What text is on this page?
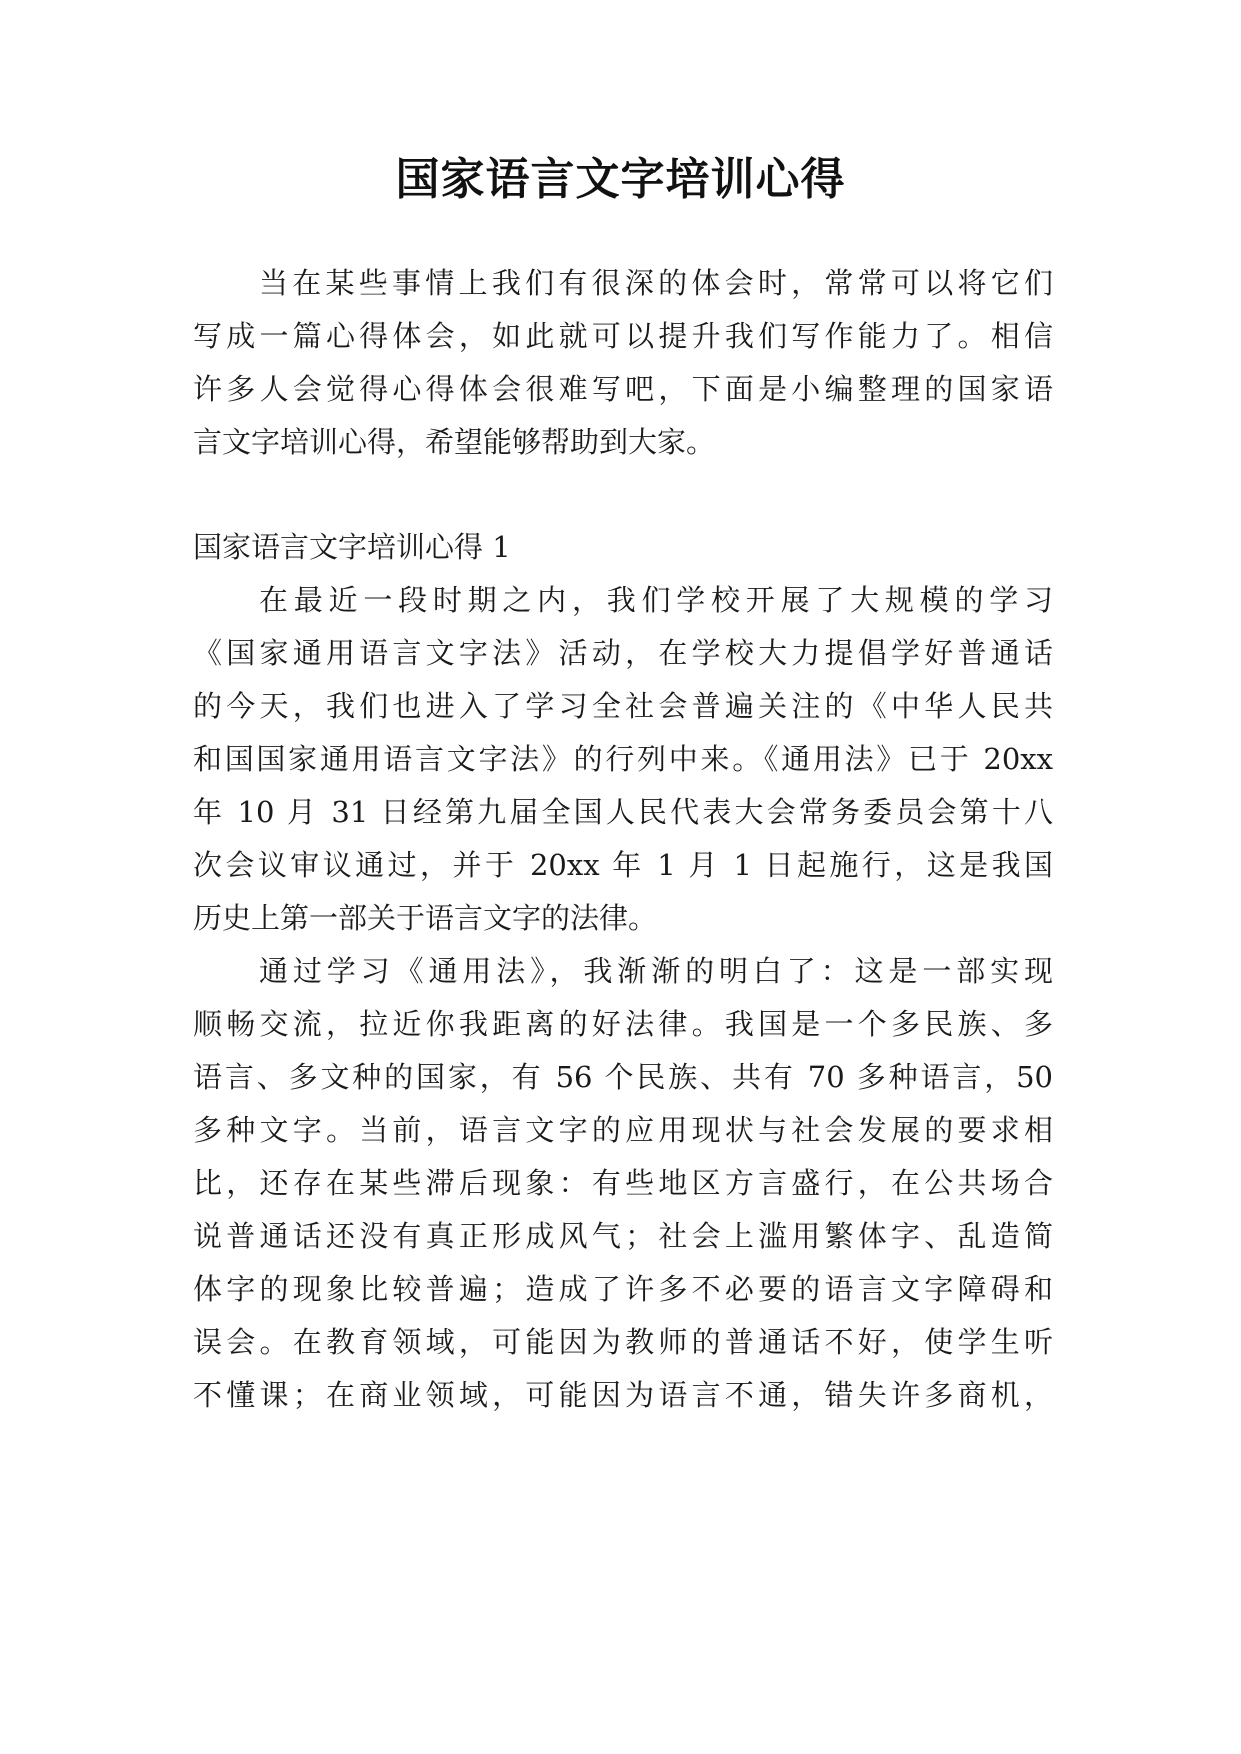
国家语言文字培训心得

当在某些事情上我们有很深的体会时，常常可以将它们

写成一篇心得体会，如此就可以提升我们写作能力了。相信

许多人会觉得心得体会很难写吧，下面是小编整理的国家语

言文字培训心得，希望能够帮助到大家。

国家语言文字培训心得 1

在最近一段时期之内，我们学校开展了大规模的学习

《国家通用语言文字法》活动，在学校大力提倡学好普通话

的今天，我们也进入了学习全社会普遍关注的《中华人民共

和国国家通用语言文字法》的行列中来。《通用法》已于 20xx

年 10 月 31 日经第九届全国人民代表大会常务委员会第十八

次会议审议通过，并于 20xx 年 1 月 1 日起施行，这是我国

历史上第一部关于语言文字的法律。

通过学习《通用法》，我渐渐的明白了：这是一部实现

顺畅交流，拉近你我距离的好法律。我国是一个多民族、多

语言、多文种的国家，有 56 个民族、共有 70 多种语言，50

多种文字。当前，语言文字的应用现状与社会发展的要求相

比，还存在某些滞后现象：有些地区方言盛行，在公共场合

说普通话还没有真正形成风气；社会上滥用繁体字、乱造简

体字的现象比较普遍；造成了许多不必要的语言文字障碍和

误会。在教育领域，可能因为教师的普通话不好，使学生听

不懂课；在商业领域，可能因为语言不通，错失许多商机，
